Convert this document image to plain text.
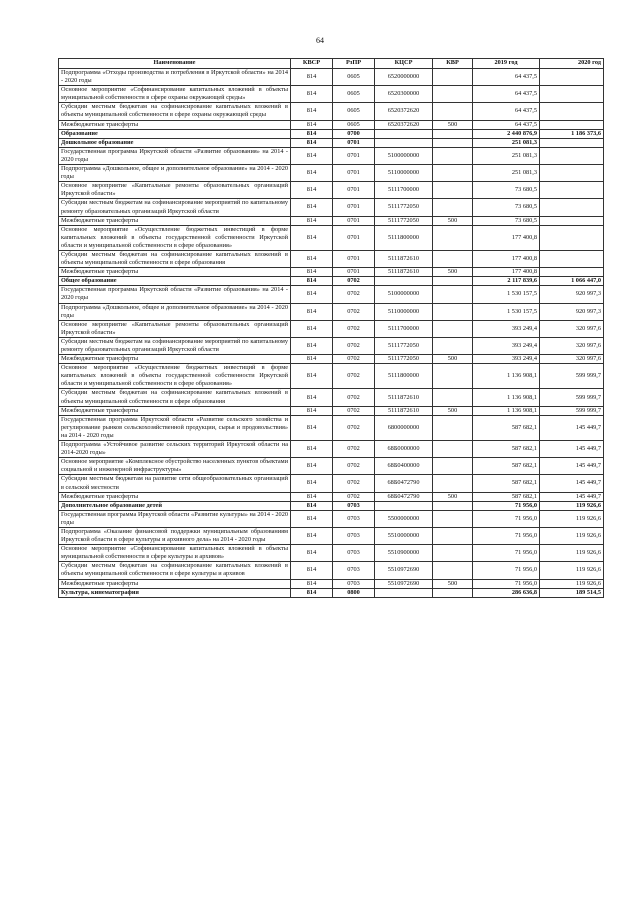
64
Наименование	КВСР	РзПР	КЦСР	КВР	2019 год	2020 год
Подпрограмма «Отходы производства и потребления в Иркутской области» на 2014 - 2020 годы	814	0605	6520000000		64 437,5	
Основное мероприятие «Софинансирование капитальных вложений в объекты муниципальной собственности в сфере охраны окружающей среды»	814	0605	6520300000		64 437,5	
Субсидии местным бюджетам на софинансирование капитальных вложений в объекты муниципальной собственности в сфере охраны окружающей среды	814	0605	6520372620		64 437,5	
Межбюджетные трансферты	814	0605	6520372620	500	64 437,5	
Образование	814	0700			2 440 876,9	1 186 373,6
Дошкольное образование	814	0701			251 081,3	
Государственная программа Иркутской области «Развитие образования» на 2014 - 2020 годы	814	0701	5100000000		251 081,3	
Подпрограмма «Дошкольное, общее и дополнительное образование» на 2014 - 2020 годы	814	0701	5110000000		251 081,3	
Основное мероприятие «Капитальные ремонты образовательных организаций Иркутской области»	814	0701	5111700000		73 680,5	
Субсидии местным бюджетам на софинансирование мероприятий по капитальному ремонту образовательных организаций Иркутской области	814	0701	5111772050		73 680,5	
Межбюджетные трансферты	814	0701	5111772050	500	73 680,5	
Основное мероприятие «Осуществление бюджетных инвестиций в форме капитальных вложений в объекты государственной собственности Иркутской области и муниципальной собственности в сфере образования»	814	0701	5111800000		177 400,8	
Субсидии местным бюджетам на софинансирование капитальных вложений в объекты муниципальной собственности в сфере образования	814	0701	5111872610		177 400,8	
Межбюджетные трансферты	814	0701	5111872610	500	177 400,8	
Общее образование	814	0702			2 117 839,6	1 066 447,0
Государственная программа Иркутской области «Развитие образования» на 2014 - 2020 годы	814	0702	5100000000		1 530 157,5	920 997,3
Подпрограмма «Дошкольное, общее и дополнительное образование» на 2014 - 2020 годы	814	0702	5110000000		1 530 157,5	920 997,3
Основное мероприятие «Капитальные ремонты образовательных организаций Иркутской области»	814	0702	5111700000		393 249,4	320 997,6
Субсидии местным бюджетам на софинансирование мероприятий по капитальному ремонту образовательных организаций Иркутской области	814	0702	5111772050		393 249,4	320 997,6
Межбюджетные трансферты	814	0702	5111772050	500	393 249,4	320 997,6
Основное мероприятие «Осуществление бюджетных инвестиций в форме капитальных вложений в объекты государственной собственности Иркутской области и муниципальной собственности в сфере образования»	814	0702	5111800000		1 136 908,1	599 999,7
Субсидии местным бюджетам на софинансирование капитальных вложений в объекты муниципальной собственности в сфере образования	814	0702	5111872610		1 136 908,1	599 999,7
Межбюджетные трансферты	814	0702	5111872610	500	1 136 908,1	599 999,7
Государственная программа Иркутской области «Развитие сельского хозяйства и регулирование рынков сельскохозяйственной продукции, сырья и продовольствия» на 2014 - 2020 годы	814	0702	6800000000		587 682,1	145 449,7
Подпрограмма «Устойчивое развитие сельских территорий Иркутской области на 2014-2020 годы»	814	0702	68Б0000000		587 682,1	145 449,7
Основное мероприятие «Комплексное обустройство населенных пунктов объектами социальной и инженерной инфраструктуры»	814	0702	68Б0400000		587 682,1	145 449,7
Субсидии местным бюджетам на развитие сети общеобразовательных организаций в сельской местности	814	0702	68Б0472790		587 682,1	145 449,7
Межбюджетные трансферты	814	0702	68Б0472790	500	587 682,1	145 449,7
Дополнительное образование детей	814	0703			71 956,0	119 926,6
Государственная программа Иркутской области «Развитие культуры» на 2014 - 2020 годы	814	0703	5500000000		71 956,0	119 926,6
Подпрограмма «Оказание финансовой поддержки муниципальным образованиям Иркутской области в сфере культуры и архивного дела» на 2014 - 2020 годы	814	0703	5510000000		71 956,0	119 926,6
Основное мероприятие «Софинансирование капитальных вложений в объекты муниципальной собственности в сфере культуры и архивов»	814	0703	5510900000		71 956,0	119 926,6
Субсидии местным бюджетам на софинансирование капитальных вложений в объекты муниципальной собственности в сфере культуры и архивов	814	0703	5510972690		71 956,0	119 926,6
Межбюджетные трансферты	814	0703	5510972690	500	71 956,0	119 926,6
Культура, кинематография	814	0800			286 636,8	189 514,5
